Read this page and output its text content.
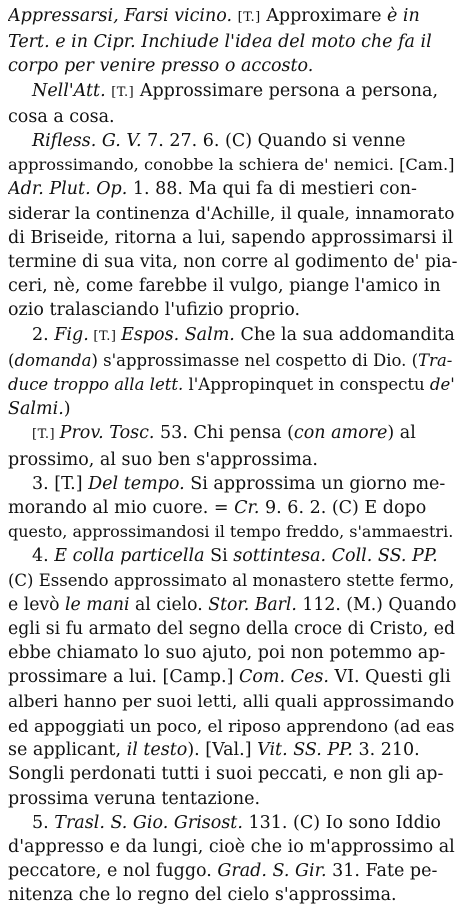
Appressarsi, Farsi vicino. [T.] Approximare è in
Tert. e in Cipr. Inchiude l'idea del moto che fa il
corpo per venire presso o accosto.
Nell'Att. [T.] Approssimare persona a persona,
cosa a cosa.
Rifless. G. V. 7. 27. 6. (C) Quando si venne
approssimando, conobbe la schiera de' nemici. [Cam.]
Adr. Plut. Op. 1. 88. Ma qui fa di mestieri con-
siderar la continenza d'Achille, il quale, innamorato
di Briseide, ritorna a lui, sapendo approssimarsi il
termine di sua vita, non corre al godimento de' pia-
ceri, nè, come farebbe il vulgo, piange l'amico in
ozio tralasciando l'ufizio proprio.
2. Fig. [T.] Espos. Salm. Che la sua addomandita
(domanda) s'approssimasse nel cospetto di Dio. (Tra-
duce troppo alla lett. l'Appropinquet in conspectu de'
Salmi.)
[T.] Prov. Tosc. 53. Chi pensa (con amore) al
prossimo, al suo ben s'approssima.
3. [T.] Del tempo. Si approssima un giorno me-
morando al mio cuore. = Cr. 9. 6. 2. (C) E dopo
questo, approssimandosi il tempo freddo, s'ammaestri.
4. E colla particella Si sottintesa. Coll. SS. PP.
(C) Essendo approssimato al monastero stette fermo,
e levò le mani al cielo. Stor. Barl. 112. (M.) Quando
egli si fu armato del segno della croce di Cristo, ed
ebbe chiamato lo suo ajuto, poi non potemmo ap-
prossimare a lui. [Camp.] Com. Ces. VI. Questi gli
alberi hanno per suoi letti, alli quali approssimando
ed appoggiati un poco, el riposo apprendono (ad eas
se applicant, il testo). [Val.] Vit. SS. PP. 3. 210.
Songli perdonati tutti i suoi peccati, e non gli ap-
prossima veruna tentazione.
5. Trasl. S. Gio. Grisost. 131. (C) Io sono Iddio
d'appresso e da lungi, cioè che io m'approssimo al
peccatore, e nol fuggo. Grad. S. Gir. 31. Fate pe-
nitenza che lo regno del cielo s'approssima.
